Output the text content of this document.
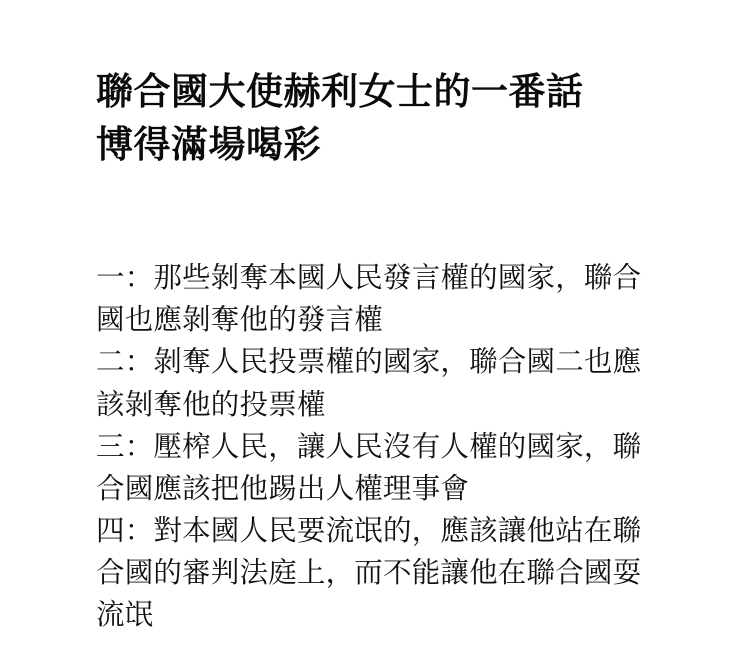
聯合國大使赫利女士的一番話
博得滿場喝彩

一：那些剝奪本國人民發言權的國家，聯合國也應剝奪他的發言權

二：剝奪人民投票權的國家，聯合國二也應該剝奪他的投票權

三：壓榨人民，讓人民沒有人權的國家，聯合國應該把他踢出人權理事會

四：對本國人民要流氓的，應該讓他站在聯合國的審判法庭上，而不能讓他在聯合國耍流氓
